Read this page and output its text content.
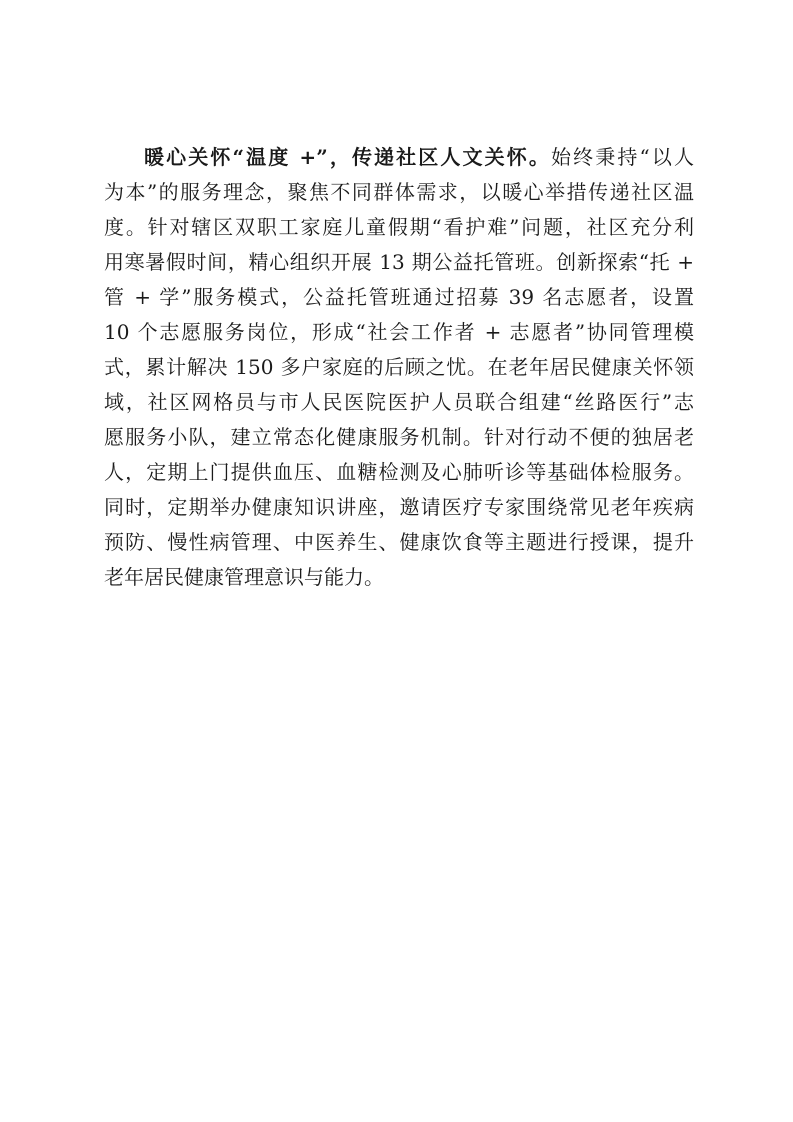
暖心关怀“温度 +”，传递社区人文关怀。始终秉持“以人
为本”的服务理念，聚焦不同群体需求，以暖心举措传递社区温
度。针对辖区双职工家庭儿童假期“看护难”问题，社区充分利
用寒暑假时间，精心组织开展 13 期公益托管班。创新探索“托 +
管 + 学”服务模式，公益托管班通过招募 39 名志愿者，设置
10 个志愿服务岗位，形成“社会工作者 + 志愿者”协同管理模
式，累计解决 150 多户家庭的后顾之忧。在老年居民健康关怀领
域，社区网格员与市人民医院医护人员联合组建“丝路医行”志
愿服务小队，建立常态化健康服务机制。针对行动不便的独居老
人，定期上门提供血压、血糖检测及心肺听诊等基础体检服务。
同时，定期举办健康知识讲座，邀请医疗专家围绕常见老年疾病
预防、慢性病管理、中医养生、健康饮食等主题进行授课，提升
老年居民健康管理意识与能力。
